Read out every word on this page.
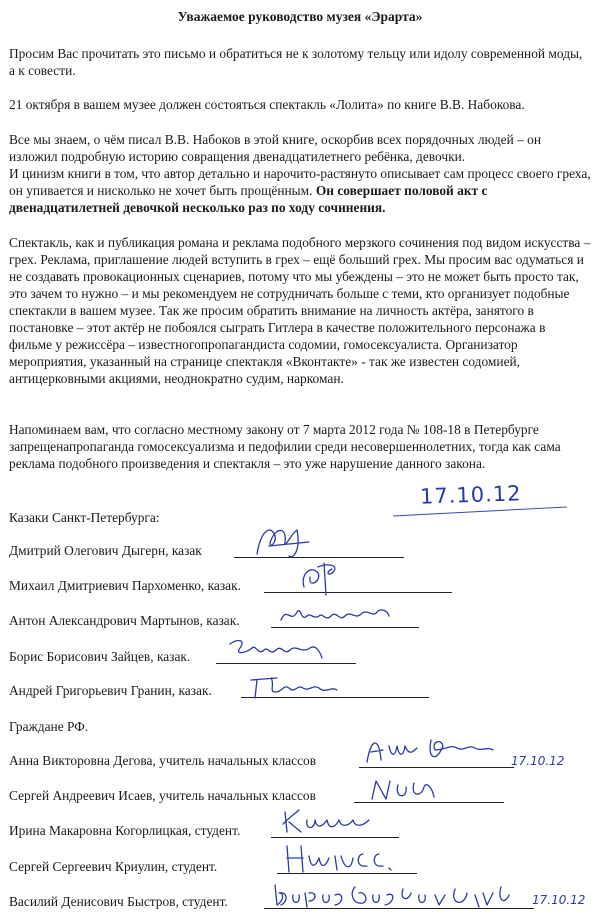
Уважаемое руководство музея «Эрарта»

Просим Вас прочитать это письмо и обратиться не к золотому тельцу или идолу современной моды, а к совести.

21 октября в вашем музее должен состояться спектакль «Лолита» по книге В.В. Набокова.

Все мы знаем, о чём писал В.В. Набоков в этой книге, оскорбив всех порядочных людей – он изложил подробную историю совращения двенадцатилетнего ребёнка, девочки.
И цинизм книги в том, что автор детально и нарочито-растянуто описывает сам процесс своего греха, он упивается и нисколько не хочет быть прощённым. Он совершает половой акт с двенадцатилетней девочкой несколько раз по ходу сочинения.

Спектакль, как и публикация романа и реклама подобного мерзкого сочинения под видом искусства – грех. Реклама, приглашение людей вступить в грех – ещё больший грех. Мы просим вас одуматься и не создавать провокационных сценариев, потому что мы убеждены – это не может быть просто так, это зачем то нужно – и мы рекомендуем не сотрудничать больше с теми, кто организует подобные спектакли в вашем музее. Так же просим обратить внимание на личность актёра, занятого в постановке – этот актёр не побоялся сыграть Гитлера в качестве положительного персонажа в фильме у режиссёра – известногопропагандиста содомии, гомосексуалиста. Организатор мероприятия, указанный на странице спектакля «Вконтакте» - так же известен содомией, антицерковными акциями, неоднократно судим, наркоман.

Напоминаем вам, что согласно местному закону от 7 марта 2012 года № 108-18 в Петербурге запрещенапропаганда гомосексуализма и педофилии среди несовершеннолетних, тогда как сама реклама подобного произведения и спектакля – это уже нарушение данного закона.

17.10.12
Казаки Санкт-Петербурга:
Дмитрий Олегович Дыгерн, казак
Михаил Дмитриевич Пархоменко, казак.
Антон Александрович Мартынов, казак.
Борис Борисович Зайцев, казак.
Андрей Григорьевич Гранин, казак.
Граждане РФ.
Анна Викторовна Дегова, учитель начальных классов	17.10.12
Сергей Андреевич Исаев, учитель начальных классов
Ирина Макаровна Когорлицкая, студент.
Сергей Сергеевич Криулин, студент.
Василий Денисович Быстров, студент.	17.10.12
